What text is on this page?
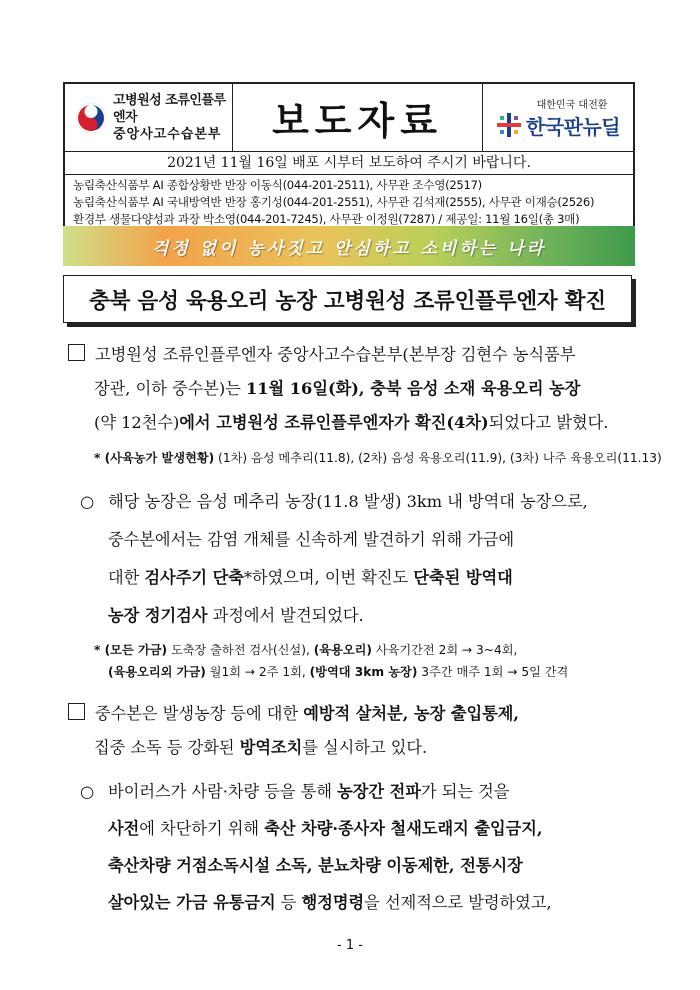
고병원성 조류인플루엔자
중앙사고수습본부	보도자료	대한민국 대전환
한국판뉴딜
2021년 11월 16일 배포 시부터 보도하여 주시기 바랍니다.
농림축산식품부 AI 종합상황반 반장 이동식(044-201-2511), 사무관 조수영(2517)
농림축산식품부 AI 국내방역반 반장 홍기성(044-201-2551), 사무관 김석재(2555), 사무관 이재승(2526)
환경부 생물다양성과 과장 박소영(044-201-7245), 사무관 이정원(7287) / 제공일: 11월 16일(총 3매)
걱정 없이 농사짓고 안심하고 소비하는 나라
충북 음성 육용오리 농장 고병원성 조류인플루엔자 확진
고병원성 조류인플루엔자 중앙사고수습본부(본부장 김현수 농식품부
장관, 이하 중수본)는 11월 16일(화), 충북 음성 소재 육용오리 농장
(약 12천수)에서 고병원성 조류인플루엔자가 확진(4차)되었다고 밝혔다.
* (사육농가 발생현황) (1차) 음성 메추리(11.8), (2차) 음성 육용오리(11.9), (3차) 나주 육용오리(11.13)
○ 해당 농장은 음성 메추리 농장(11.8 발생) 3km 내 방역대 농장으로,
중수본에서는 감염 개체를 신속하게 발견하기 위해 가금에
대한 검사주기 단축*하였으며, 이번 확진도 단축된 방역대
농장 정기검사 과정에서 발견되었다.
* (모든 가금) 도축장 출하전 검사(신설), (육용오리) 사육기간전 2회 → 3~4회,
(육용오리외 가금) 월1회 → 2주 1회, (방역대 3km 농장) 3주간 매주 1회 → 5일 간격
중수본은 발생농장 등에 대한 예방적 살처분, 농장 출입통제,
집중 소독 등 강화된 방역조치를 실시하고 있다.
○ 바이러스가 사람·차량 등을 통해 농장간 전파가 되는 것을
사전에 차단하기 위해 축산 차량·종사자 철새도래지 출입금지,
축산차량 거점소독시설 소독, 분뇨차량 이동제한, 전통시장
살아있는 가금 유통금지 등 행정명령을 선제적으로 발령하였고,
- 1 -
